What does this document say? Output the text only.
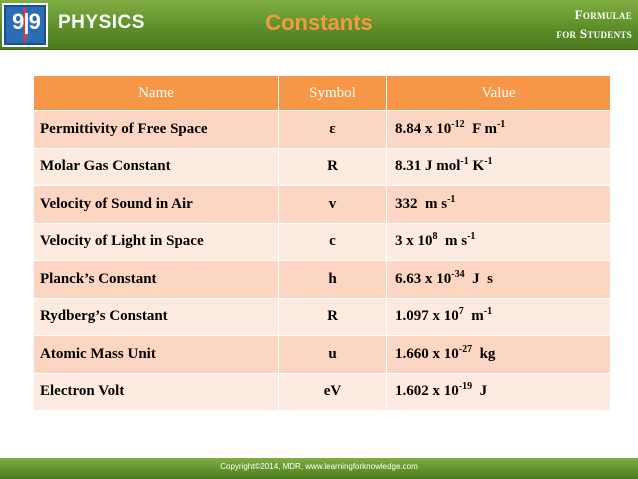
9|9 PHYSICS	Constants	Formulae
for Students
Name	Symbol	Value
Permittivity of Free Space	ε	8.84 x $10^{-12}$  F $m^{-1}$
Molar Gas Constant	R	8.31 J mol$^{-1}$ $K^{-1}$
Velocity of Sound in Air	v	332  m $s^{-1}$
Velocity of Light in Space	c	3 x $10^8$  m $s^{-1}$
Planck’s Constant	h	6.63 x $10^{-34}$  J  s
Rydberg’s Constant	R	1.097 x $10^7$  $m^{-1}$
Atomic Mass Unit	u	1.660 x $10^{-27}$  kg
Electron Volt	eV	1.602 x $10^{-19}$  J
Copyright©2014, MDR, www.learningforknowledge.com
